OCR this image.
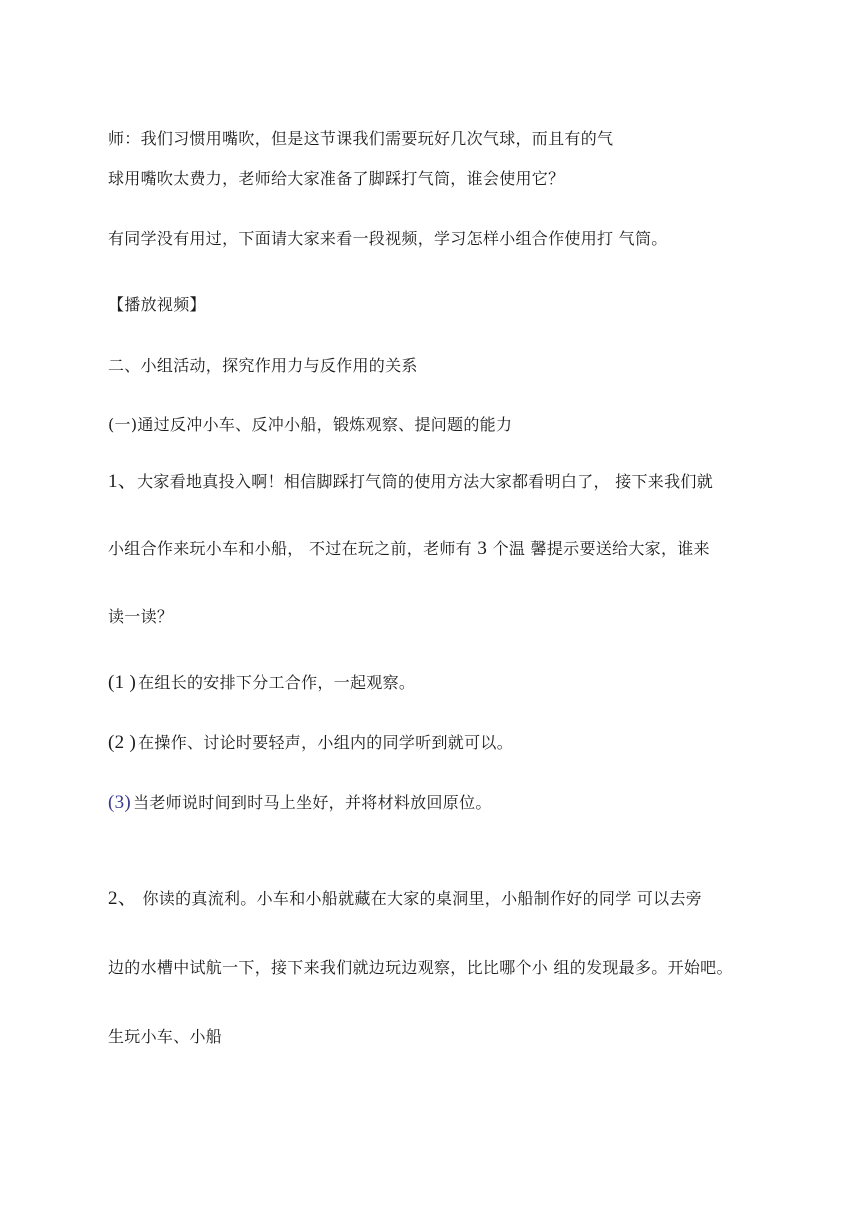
师：我们习惯用嘴吹，但是这节课我们需要玩好几次气球，而且有的气
球用嘴吹太费力，老师给大家准备了脚踩打气筒，谁会使用它？
有同学没有用过，下面请大家来看一段视频，学习怎样小组合作使用打 气筒。
【播放视频】
二、小组活动，探究作用力与反作用的关系
(一)通过反冲小车、反冲小船，锻炼观察、提问题的能力
1、大家看地真投入啊！相信脚踩打气筒的使用方法大家都看明白了， 接下来我们就
小组合作来玩小车和小船， 不过在玩之前，老师有 3 个温 馨提示要送给大家，谁来
读一读？
(1 ) 在组长的安排下分工合作，一起观察。
(2 ) 在操作、讨论时要轻声，小组内的同学听到就可以。
(3) 当老师说时间到时马上坐好，并将材料放回原位。
2、 你读的真流利。小车和小船就藏在大家的桌洞里，小船制作好的同学 可以去旁
边的水槽中试航一下，接下来我们就边玩边观察，比比哪个小 组的发现最多。开始吧。
生玩小车、小船
